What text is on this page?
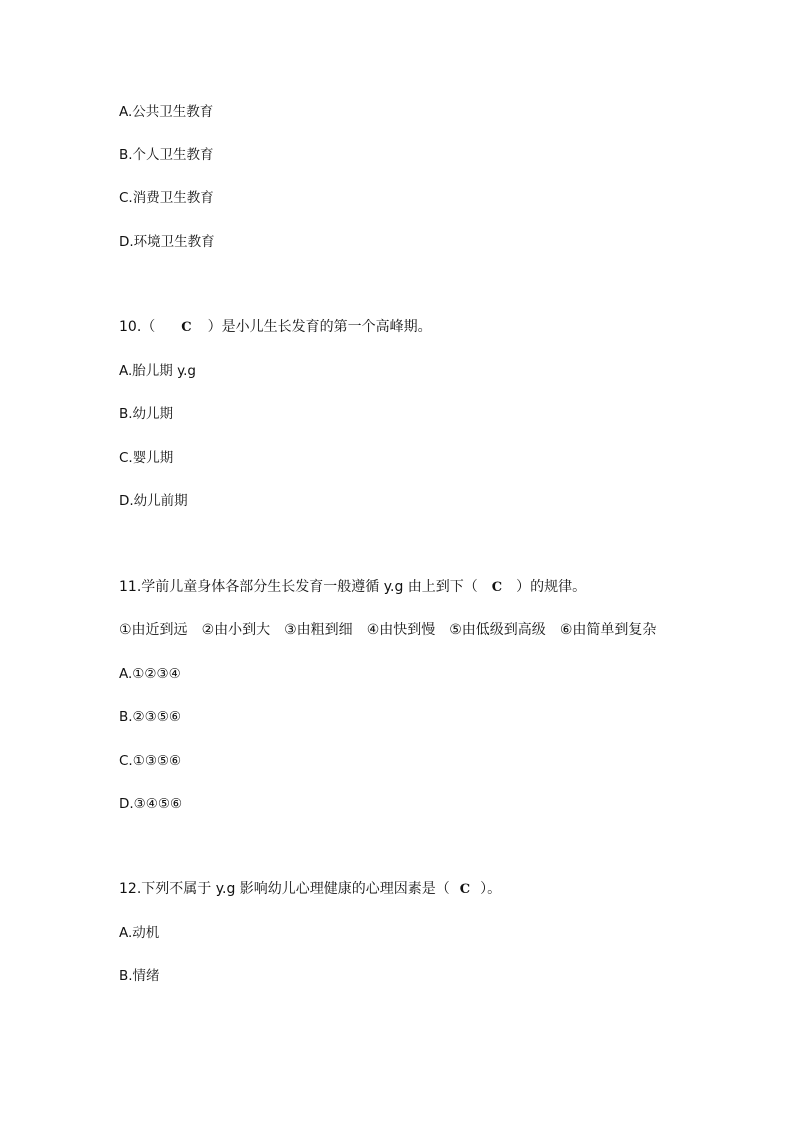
A.公共卫生教育
B.个人卫生教育
C.消费卫生教育
D.环境卫生教育
10.（ C ）是小儿生长发育的第一个高峰期。
A.胎儿期 y.g
B.幼儿期
C.婴儿期
D.幼儿前期
11.学前儿童身体各部分生长发育一般遵循 y.g 由上到下（ C ）的规律。
①由近到远 ②由小到大 ③由粗到细 ④由快到慢 ⑤由低级到高级 ⑥由简单到复杂
A.①②③④
B.②③⑤⑥
C.①③⑤⑥
D.③④⑤⑥
12.下列不属于 y.g 影响幼儿心理健康的心理因素是（ C ）。
A.动机
B.情绪
